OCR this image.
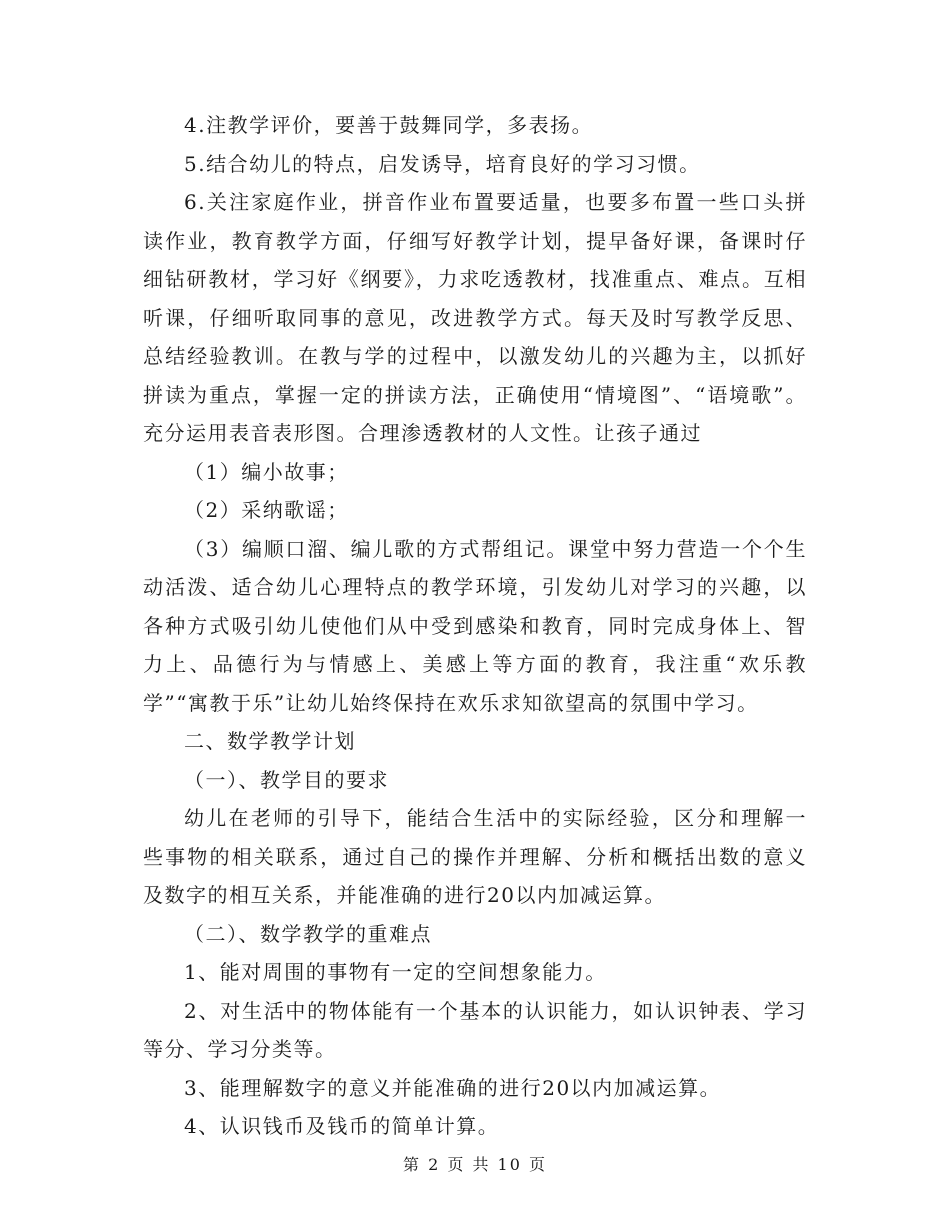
4.注教学评价，要善于鼓舞同学，多表扬。

5.结合幼儿的特点，启发诱导，培育良好的学习习惯。

6.关注家庭作业，拼音作业布置要适量，也要多布置一些口头拼读作业，教育教学方面，仔细写好教学计划，提早备好课，备课时仔细钻研教材，学习好《纲要》，力求吃透教材，找准重点、难点。互相听课，仔细听取同事的意见，改进教学方式。每天及时写教学反思、总结经验教训。在教与学的过程中，以激发幼儿的兴趣为主，以抓好拼读为重点，掌握一定的拼读方法，正确使用“情境图”、“语境歌”。充分运用表音表形图。合理渗透教材的人文性。让孩子通过

（1）编小故事；

（2）采纳歌谣；

（3）编顺口溜、编儿歌的方式帮组记。课堂中努力营造一个个生动活泼、适合幼儿心理特点的教学环境，引发幼儿对学习的兴趣，以各种方式吸引幼儿使他们从中受到感染和教育，同时完成身体上、智力上、品德行为与情感上、美感上等方面的教育，我注重“欢乐教学”“寓教于乐”让幼儿始终保持在欢乐求知欲望高的氛围中学习。

二、数学教学计划

（一）、教学目的要求

幼儿在老师的引导下，能结合生活中的实际经验，区分和理解一些事物的相关联系，通过自己的操作并理解、分析和概括出数的意义及数字的相互关系，并能准确的进行20以内加减运算。

（二）、数学教学的重难点

1、能对周围的事物有一定的空间想象能力。

2、对生活中的物体能有一个基本的认识能力，如认识钟表、学习等分、学习分类等。

3、能理解数字的意义并能准确的进行20以内加减运算。

4、认识钱币及钱币的简单计算。

第 2 页 共 10 页
